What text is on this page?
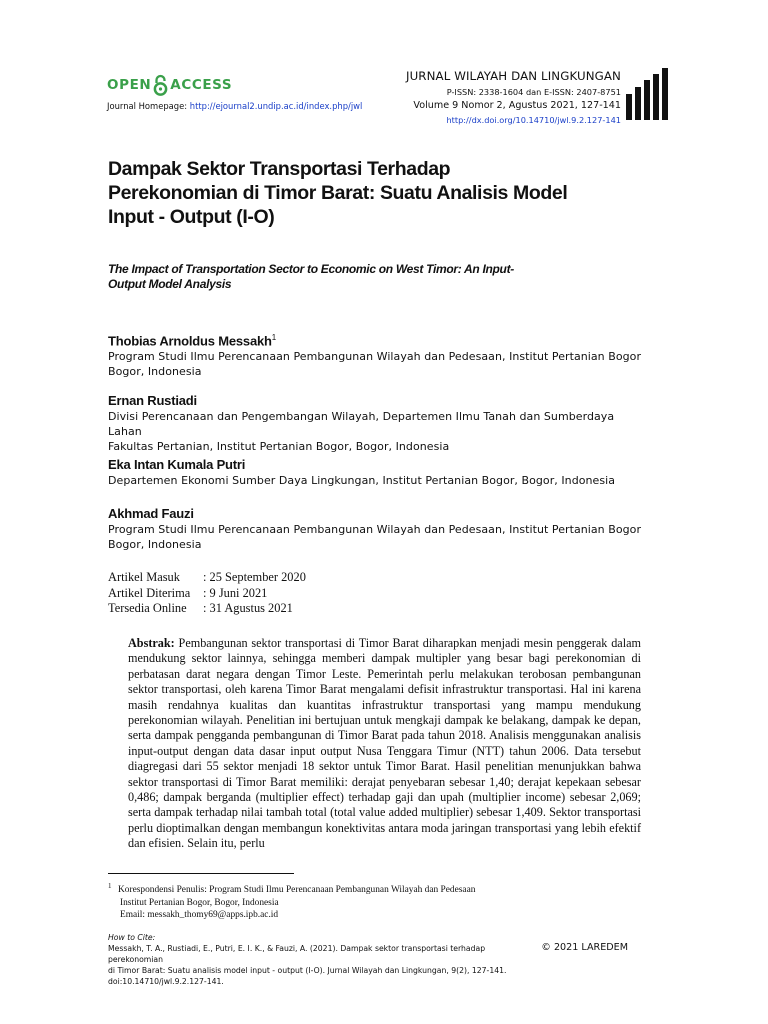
OPEN ACCESS
Journal Homepage: http://ejournal2.undip.ac.id/index.php/jwl
JURNAL WILAYAH DAN LINGKUNGAN
P-ISSN: 2338-1604 dan E-ISSN: 2407-8751
Volume 9 Nomor 2, Agustus 2021, 127-141
http://dx.doi.org/10.14710/jwl.9.2.127-141
Dampak Sektor Transportasi Terhadap
Perekonomian di Timor Barat: Suatu Analisis Model
Input - Output (I-O)
The Impact of Transportation Sector to Economic on West Timor: An Input-
Output Model Analysis
Thobias Arnoldus Messakh$^1$
Program Studi Ilmu Perencanaan Pembangunan Wilayah dan Pedesaan, Institut Pertanian Bogor
Bogor, Indonesia
Ernan Rustiadi
Divisi Perencanaan dan Pengembangan Wilayah, Departemen Ilmu Tanah dan Sumberdaya Lahan
Fakultas Pertanian, Institut Pertanian Bogor, Bogor, Indonesia
Eka Intan Kumala Putri
Departemen Ekonomi Sumber Daya Lingkungan, Institut Pertanian Bogor, Bogor, Indonesia
Akhmad Fauzi
Program Studi Ilmu Perencanaan Pembangunan Wilayah dan Pedesaan, Institut Pertanian Bogor
Bogor, Indonesia
Artikel Masuk	: 25 September 2020
Artikel Diterima	: 9 Juni 2021
Tersedia Online	: 31 Agustus 2021
Abstrak: Pembangunan sektor transportasi di Timor Barat diharapkan menjadi mesin penggerak dalam mendukung sektor lainnya, sehingga memberi dampak multipler yang besar bagi perekonomian di perbatasan darat negara dengan Timor Leste. Pemerintah perlu melakukan terobosan pembangunan sektor transportasi, oleh karena Timor Barat mengalami defisit infrastruktur transportasi. Hal ini karena masih rendahnya kualitas dan kuantitas infrastruktur transportasi yang mampu mendukung perekonomian wilayah. Penelitian ini bertujuan untuk mengkaji dampak ke belakang, dampak ke depan, serta dampak pengganda pembangunan di Timor Barat pada tahun 2018. Analisis menggunakan analisis input-output dengan data dasar input output Nusa Tenggara Timur (NTT) tahun 2006. Data tersebut diagregasi dari 55 sektor menjadi 18 sektor untuk Timor Barat. Hasil penelitian menunjukkan bahwa sektor transportasi di Timor Barat memiliki: derajat penyebaran sebesar 1,40; derajat kepekaan sebesar 0,486; dampak berganda (multiplier effect) terhadap gaji dan upah (multiplier income) sebesar 2,069; serta dampak terhadap nilai tambah total (total value added multiplier) sebesar 1,409. Sektor transportasi perlu dioptimalkan dengan membangun konektivitas antara moda jaringan transportasi yang lebih efektif dan efisien. Selain itu, perlu
1 Korespondensi Penulis: Program Studi Ilmu Perencanaan Pembangunan Wilayah dan Pedesaan
Institut Pertanian Bogor, Bogor, Indonesia
Email: messakh_thomy69@apps.ipb.ac.id
How to Cite:
Messakh, T. A., Rustiadi, E., Putri, E. I. K., & Fauzi, A. (2021). Dampak sektor transportasi terhadap perekonomian
di Timor Barat: Suatu analisis model input - output (I-O). Jurnal Wilayah dan Lingkungan, 9(2), 127-141.
doi:10.14710/jwl.9.2.127-141.
© 2021 LAREDEM
